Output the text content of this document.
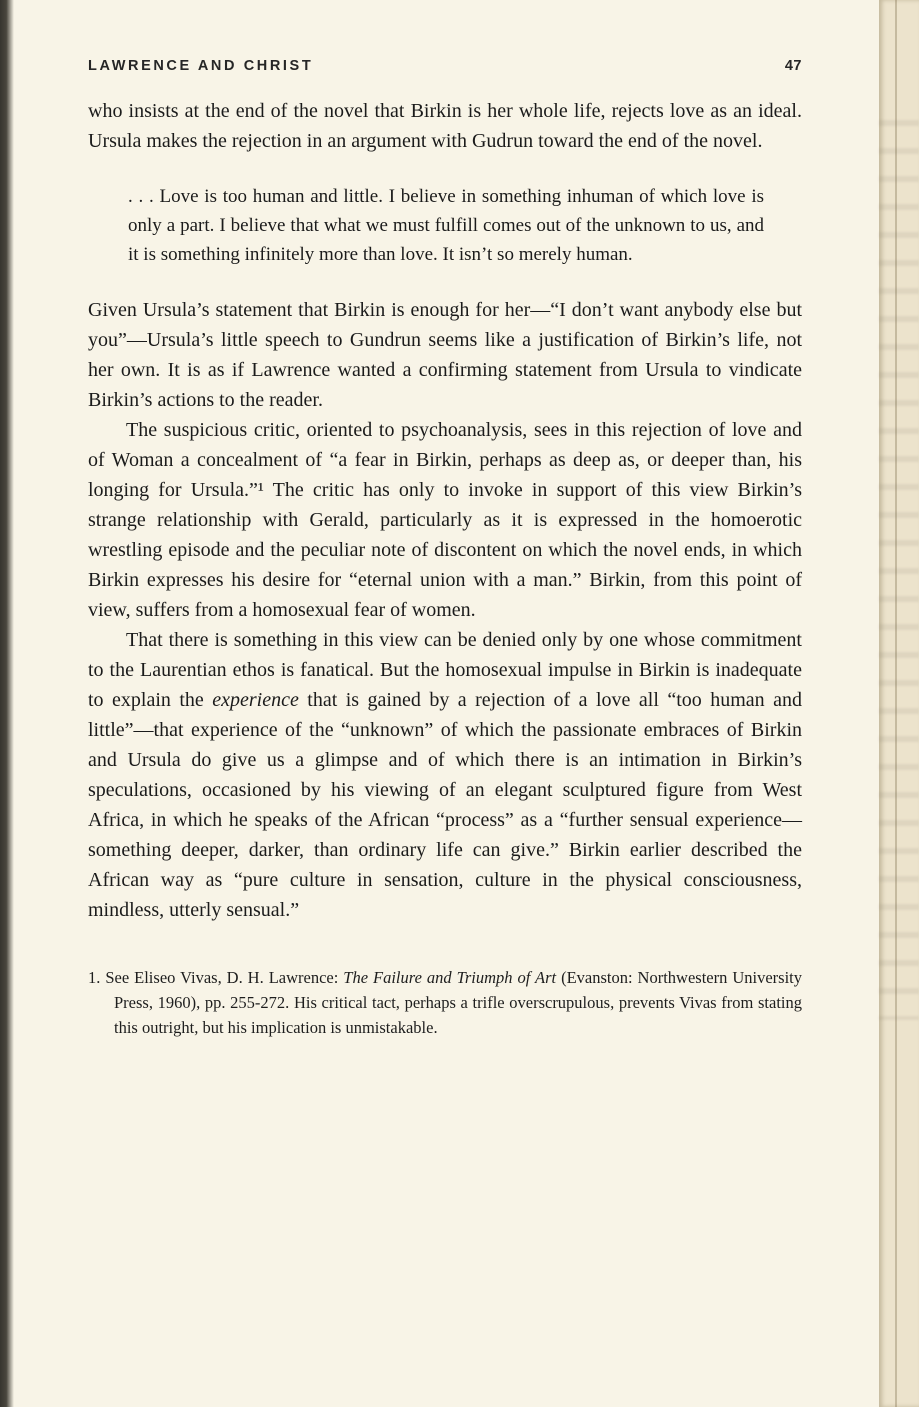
LAWRENCE AND CHRIST	47

who insists at the end of the novel that Birkin is her whole life, rejects love as an ideal. Ursula makes the rejection in an argument with Gudrun toward the end of the novel.

. . . Love is too human and little. I believe in something inhuman of which love is only a part. I believe that what we must fulfill comes out of the unknown to us, and it is something infinitely more than love. It isn’t so merely human.

Given Ursula’s statement that Birkin is enough for her—“I don’t want anybody else but you”—Ursula’s little speech to Gundrun seems like a justification of Birkin’s life, not her own. It is as if Lawrence wanted a confirming statement from Ursula to vindicate Birkin’s actions to the reader.

The suspicious critic, oriented to psychoanalysis, sees in this rejection of love and of Woman a concealment of “a fear in Birkin, perhaps as deep as, or deeper than, his longing for Ursula.”¹ The critic has only to invoke in support of this view Birkin’s strange relationship with Gerald, particularly as it is expressed in the homoerotic wrestling episode and the peculiar note of discontent on which the novel ends, in which Birkin expresses his desire for “eternal union with a man.” Birkin, from this point of view, suffers from a homosexual fear of women.

That there is something in this view can be denied only by one whose commitment to the Laurentian ethos is fanatical. But the homosexual impulse in Birkin is inadequate to explain the experience that is gained by a rejection of a love all “too human and little”—that experience of the “unknown” of which the passionate embraces of Birkin and Ursula do give us a glimpse and of which there is an intimation in Birkin’s speculations, occasioned by his viewing of an elegant sculptured figure from West Africa, in which he speaks of the African “process” as a “further sensual experience—something deeper, darker, than ordinary life can give.” Birkin earlier described the African way as “pure culture in sensation, culture in the physical consciousness, mindless, utterly sensual.”

1. See Eliseo Vivas, D. H. Lawrence: The Failure and Triumph of Art (Evanston: Northwestern University Press, 1960), pp. 255-272. His critical tact, perhaps a trifle overscrupulous, prevents Vivas from stating this outright, but his implication is unmistakable.
